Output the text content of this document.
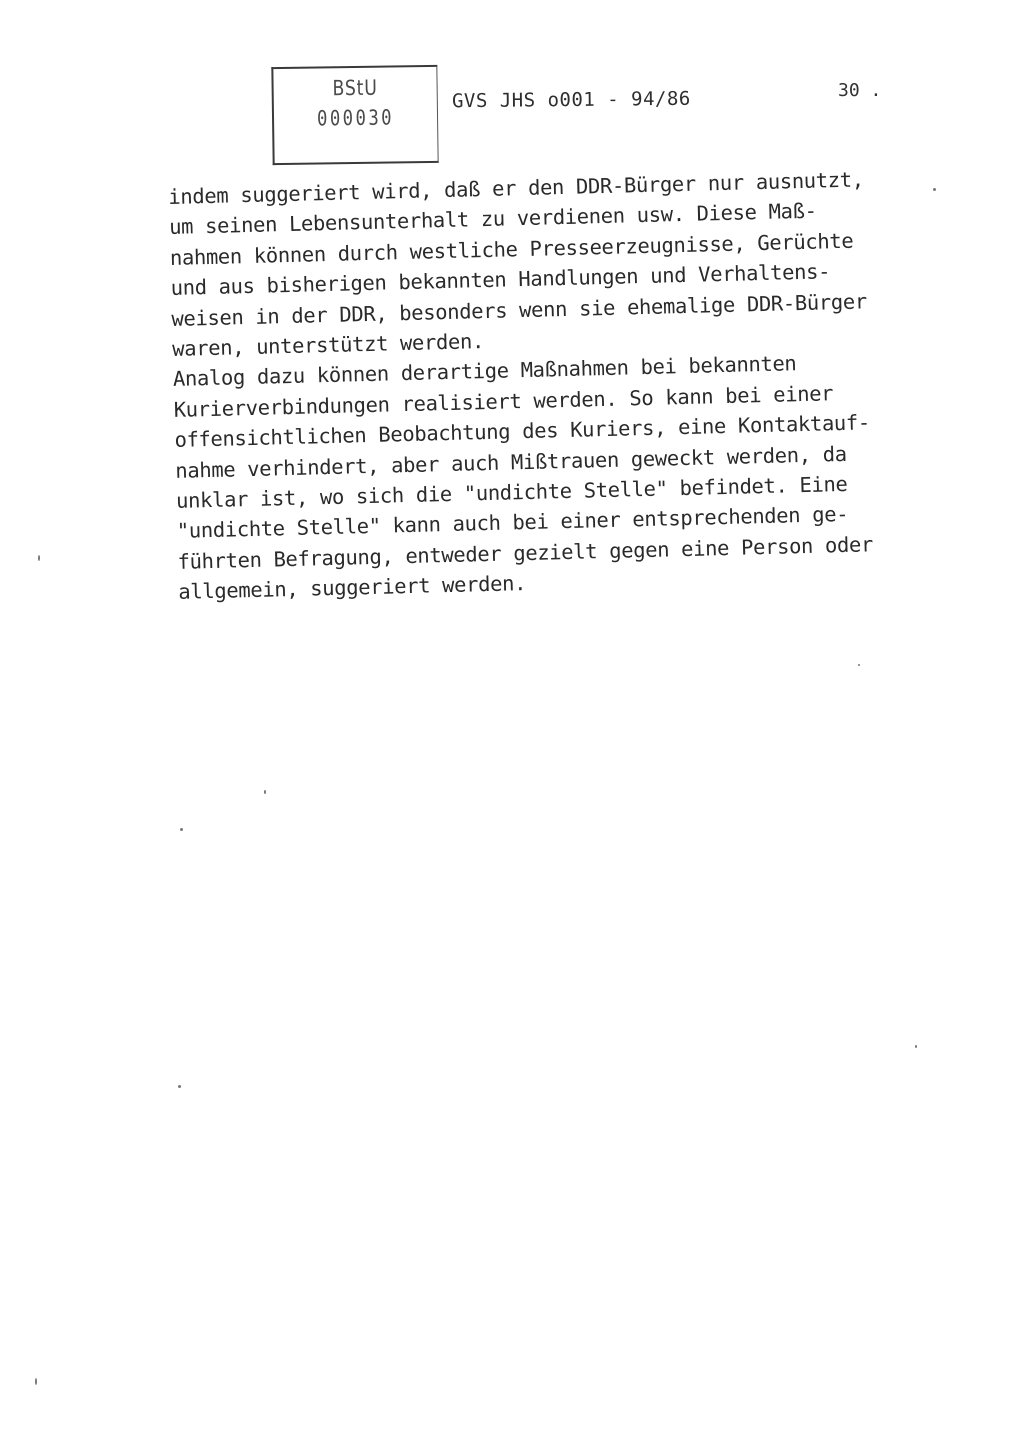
BStU
000030
GVS JHS o001 - 94/86	30 .
indem suggeriert wird, daß er den DDR-Bürger nur ausnutzt,
um seinen Lebensunterhalt zu verdienen usw. Diese Maß-
nahmen können durch westliche Presseerzeugnisse, Gerüchte
und aus bisherigen bekannten Handlungen und Verhaltens-
weisen in der DDR, besonders wenn sie ehemalige DDR-Bürger
waren, unterstützt werden.
Analog dazu können derartige Maßnahmen bei bekannten
Kurierverbindungen realisiert werden. So kann bei einer
offensichtlichen Beobachtung des Kuriers, eine Kontaktauf-
nahme verhindert, aber auch Mißtrauen geweckt werden, da
unklar ist, wo sich die "undichte Stelle" befindet. Eine
"undichte Stelle" kann auch bei einer entsprechenden ge-
führten Befragung, entweder gezielt gegen eine Person oder
allgemein, suggeriert werden.
